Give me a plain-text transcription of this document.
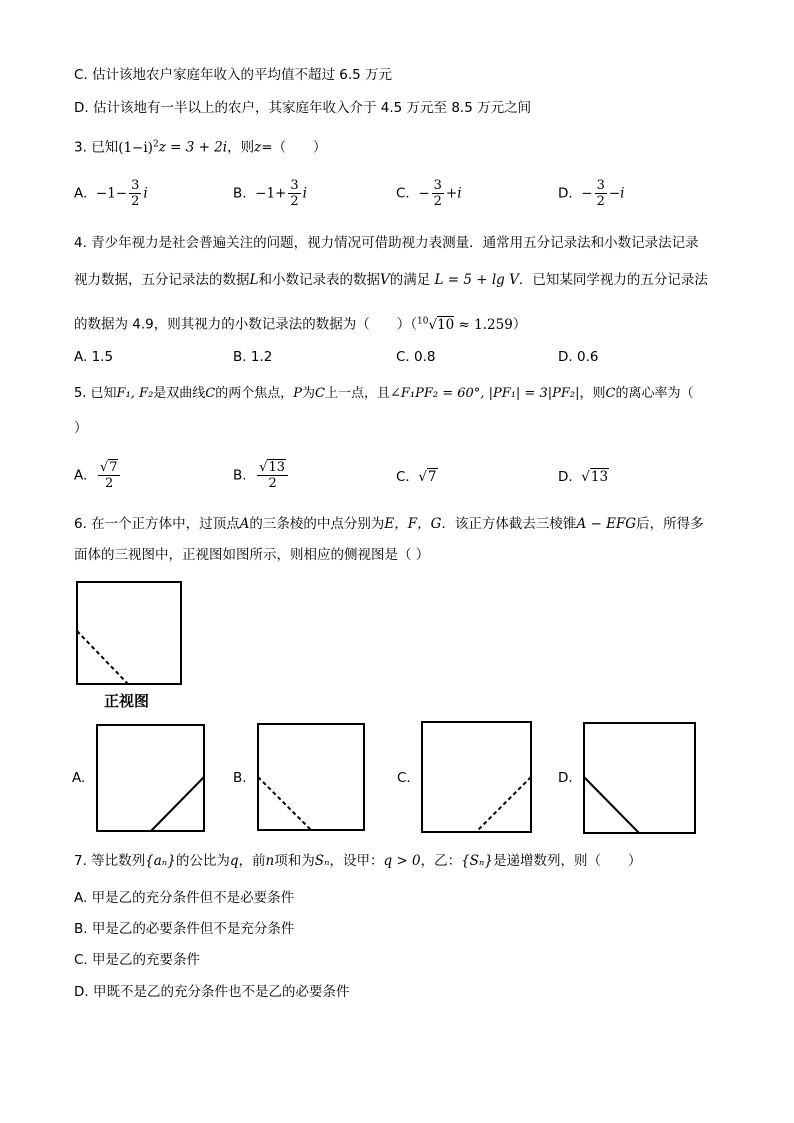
C. 估计该地农户家庭年收入的平均值不超过 6.5 万元
D. 估计该地有一半以上的农户，其家庭年收入介于 4.5 万元至 8.5 万元之间
3. 已知$(1-i)^2z = 3 + 2i$，则z=（　　）
A. $-1- \frac{3}{2}$ i	B. $-1+ \frac{3}{2}$ i	C. − $\frac{3}{2} +i$	D. − $\frac{3}{2} -i$
4. 青少年视力是社会普遍关注的问题，视力情况可借助视力表测量．通常用五分记录法和小数记录法记录
视力数据，五分记录法的数据L和小数记录表的数据V的满足 L = 5 + lg V．已知某同学视力的五分记录法
的数据为 4.9，则其视力的小数记录法的数据为（　　）（$^{10}$√10 ≈ 1.259）
A. 1.5	B. 1.2	C. 0.8	D. 0.6
5. 已知F₁, F₂是双曲线C的两个焦点，P为C上一点，且∠F₁PF₂ = 60°, |PF₁| = 3|PF₂|，则C的离心率为（
）
A. $\frac{√7}{2}$	B. $\frac{√13}{2}$	C. √7	D. √13
6. 在一个正方体中，过顶点A的三条棱的中点分别为E，F，G．该正方体截去三棱锥A − EFG后，所得多
面体的三视图中，正视图如图所示，则相应的侧视图是（ ）
正视图
A.	B.	C.	D.
7. 等比数列{aₙ}的公比为q，前n项和为Sₙ，设甲：q > 0，乙：{Sₙ}是递增数列，则（　　）
A. 甲是乙的充分条件但不是必要条件
B. 甲是乙的必要条件但不是充分条件
C. 甲是乙的充要条件
D. 甲既不是乙的充分条件也不是乙的必要条件
